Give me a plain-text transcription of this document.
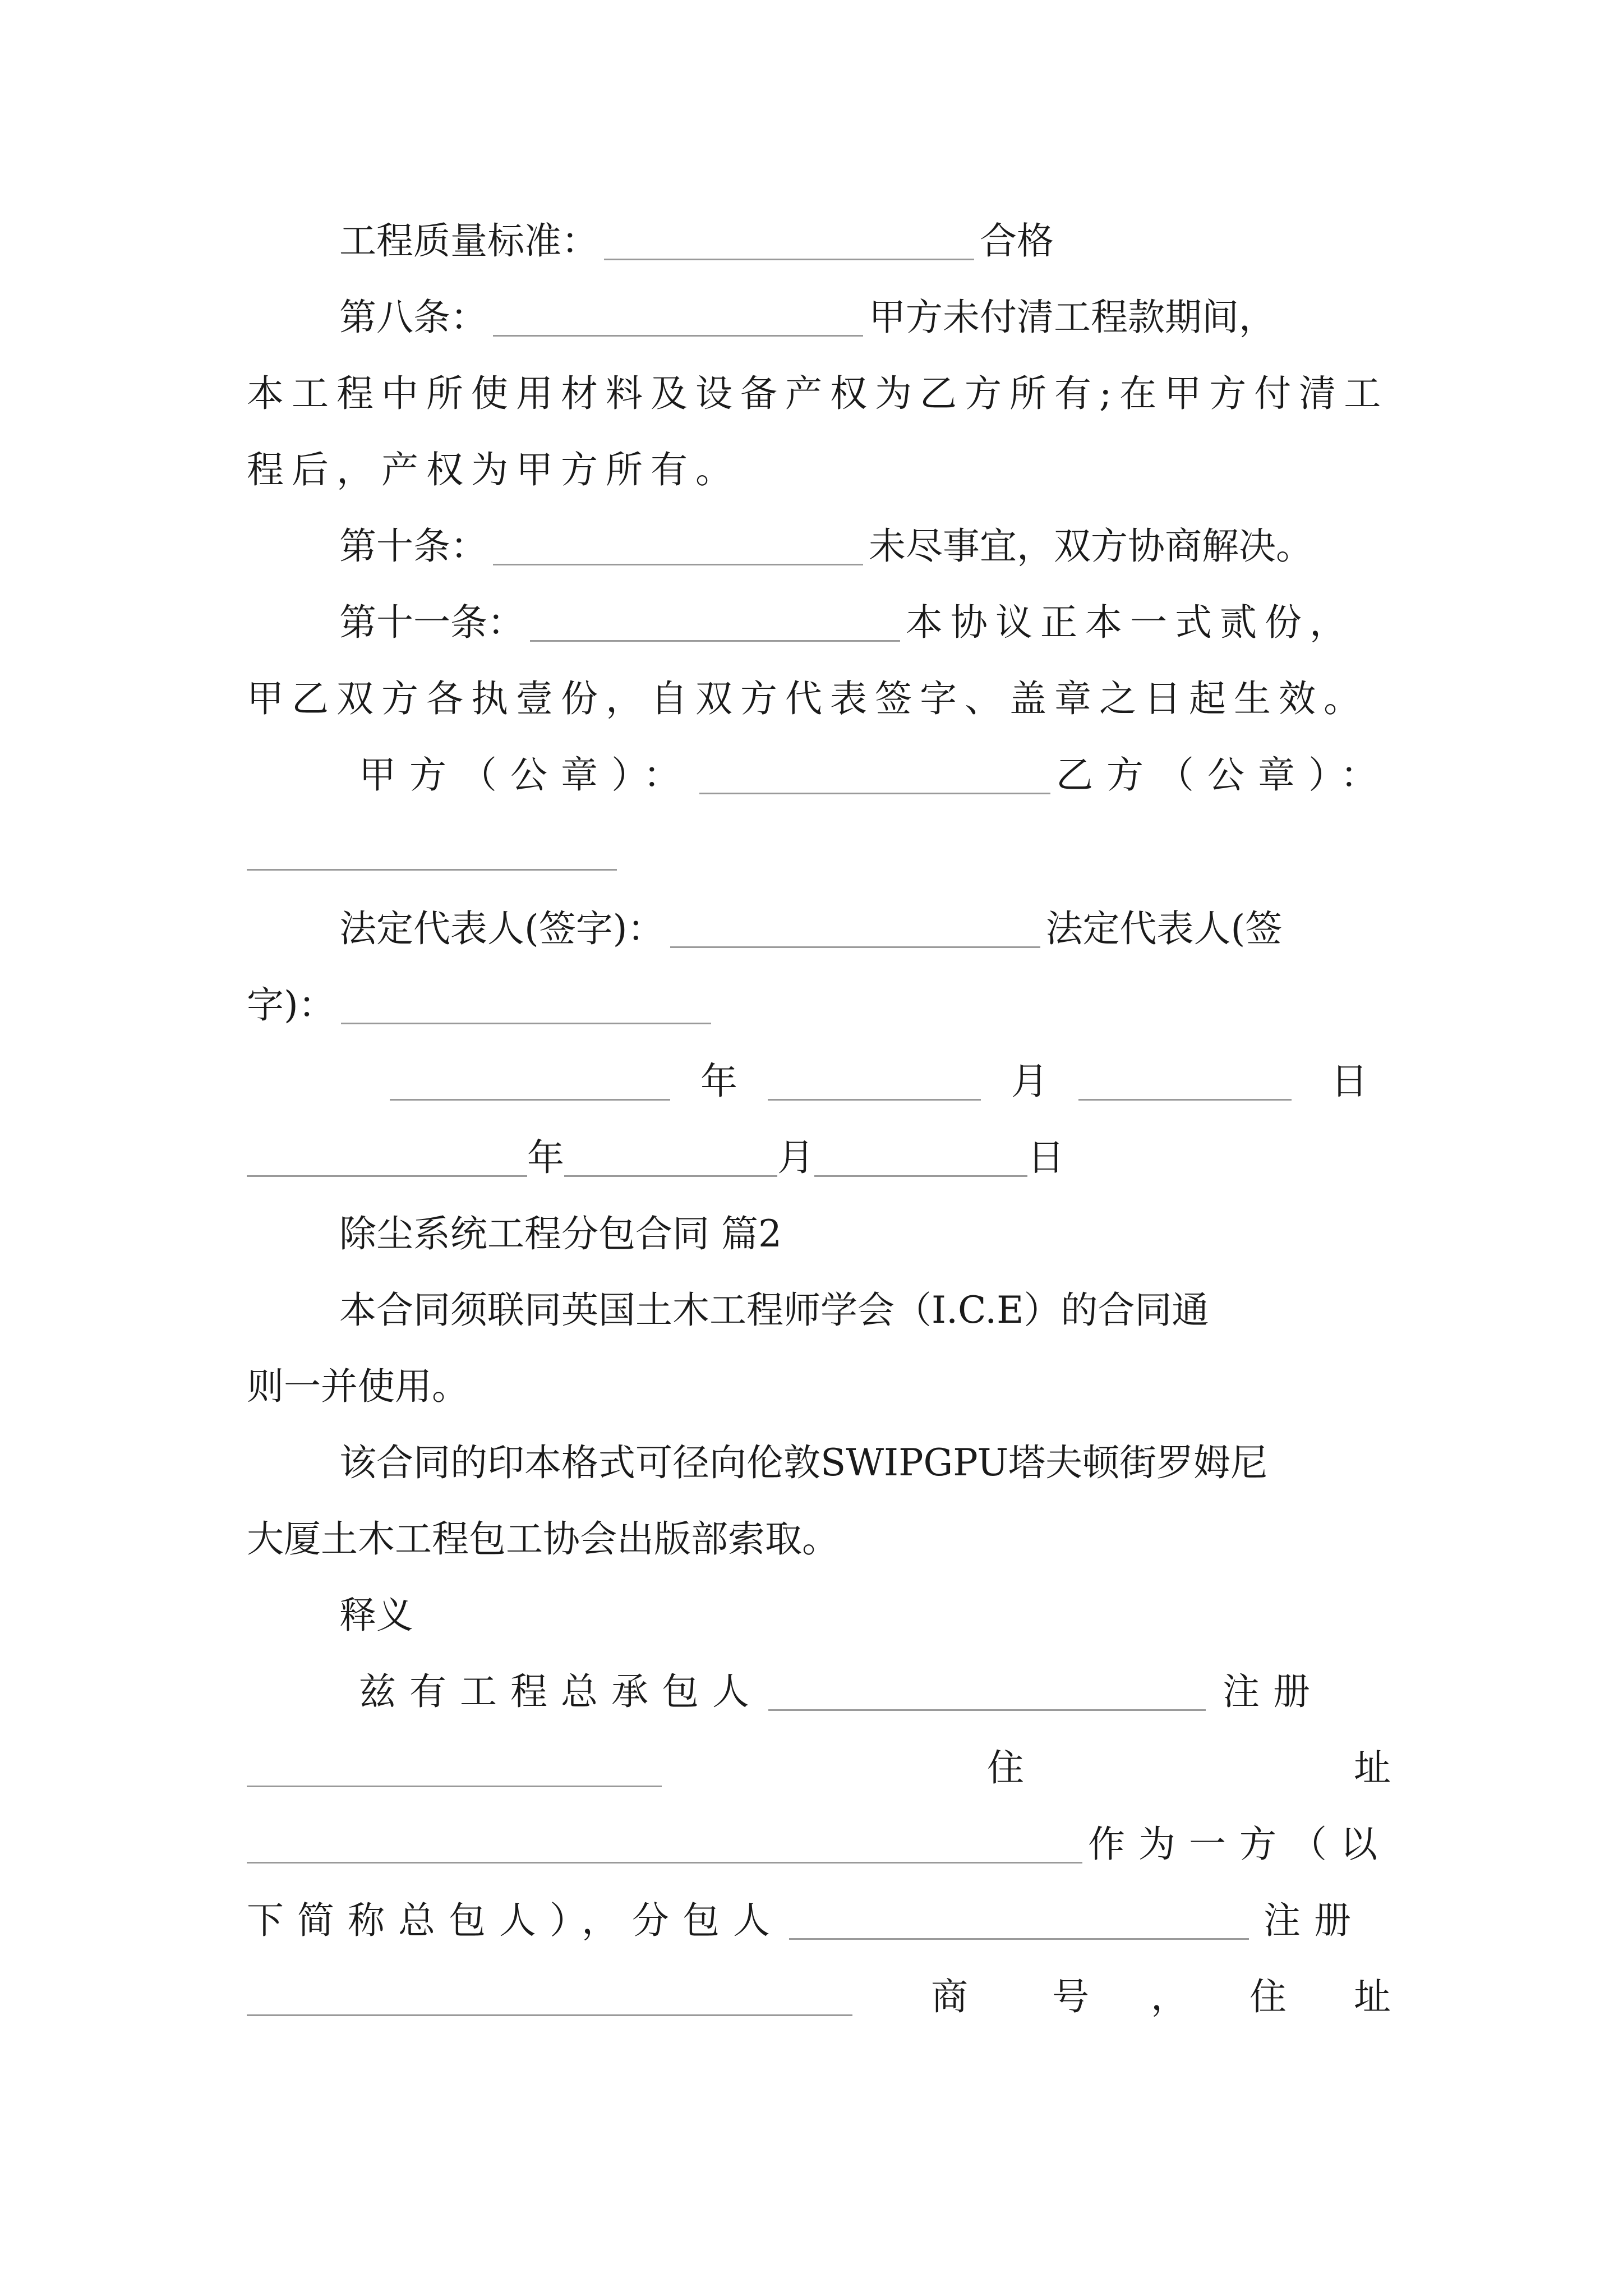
工程质量标准：	合格
第八条：	甲方未付清工程款期间，
本工程中所使用材料及设备产权为乙方所有;在甲方付清工
程后，产权为甲方所有。
第十条：	未尽事宜，双方协商解决。
第十一条：	本协议正本一式贰份，
甲乙双方各执壹份，自双方代表签字、盖章之日起生效。
甲方（公章）：	乙方（公章）：
法定代表人(签字)：	法定代表人(签
字)：
年	月	日
年	月	日
除尘系统工程分包合同 篇2
本合同须联同英国土木工程师学会（I.C.E）的合同通
则一并使用。
该合同的印本格式可径向伦敦SWIPGPU塔夫顿街罗姆尼
大厦土木工程包工协会出版部索取。
释义
兹有工程总承包人	注册
住	址
作为一方（以
下简称总包人），分包人	注册
商 号 ， 住 址
